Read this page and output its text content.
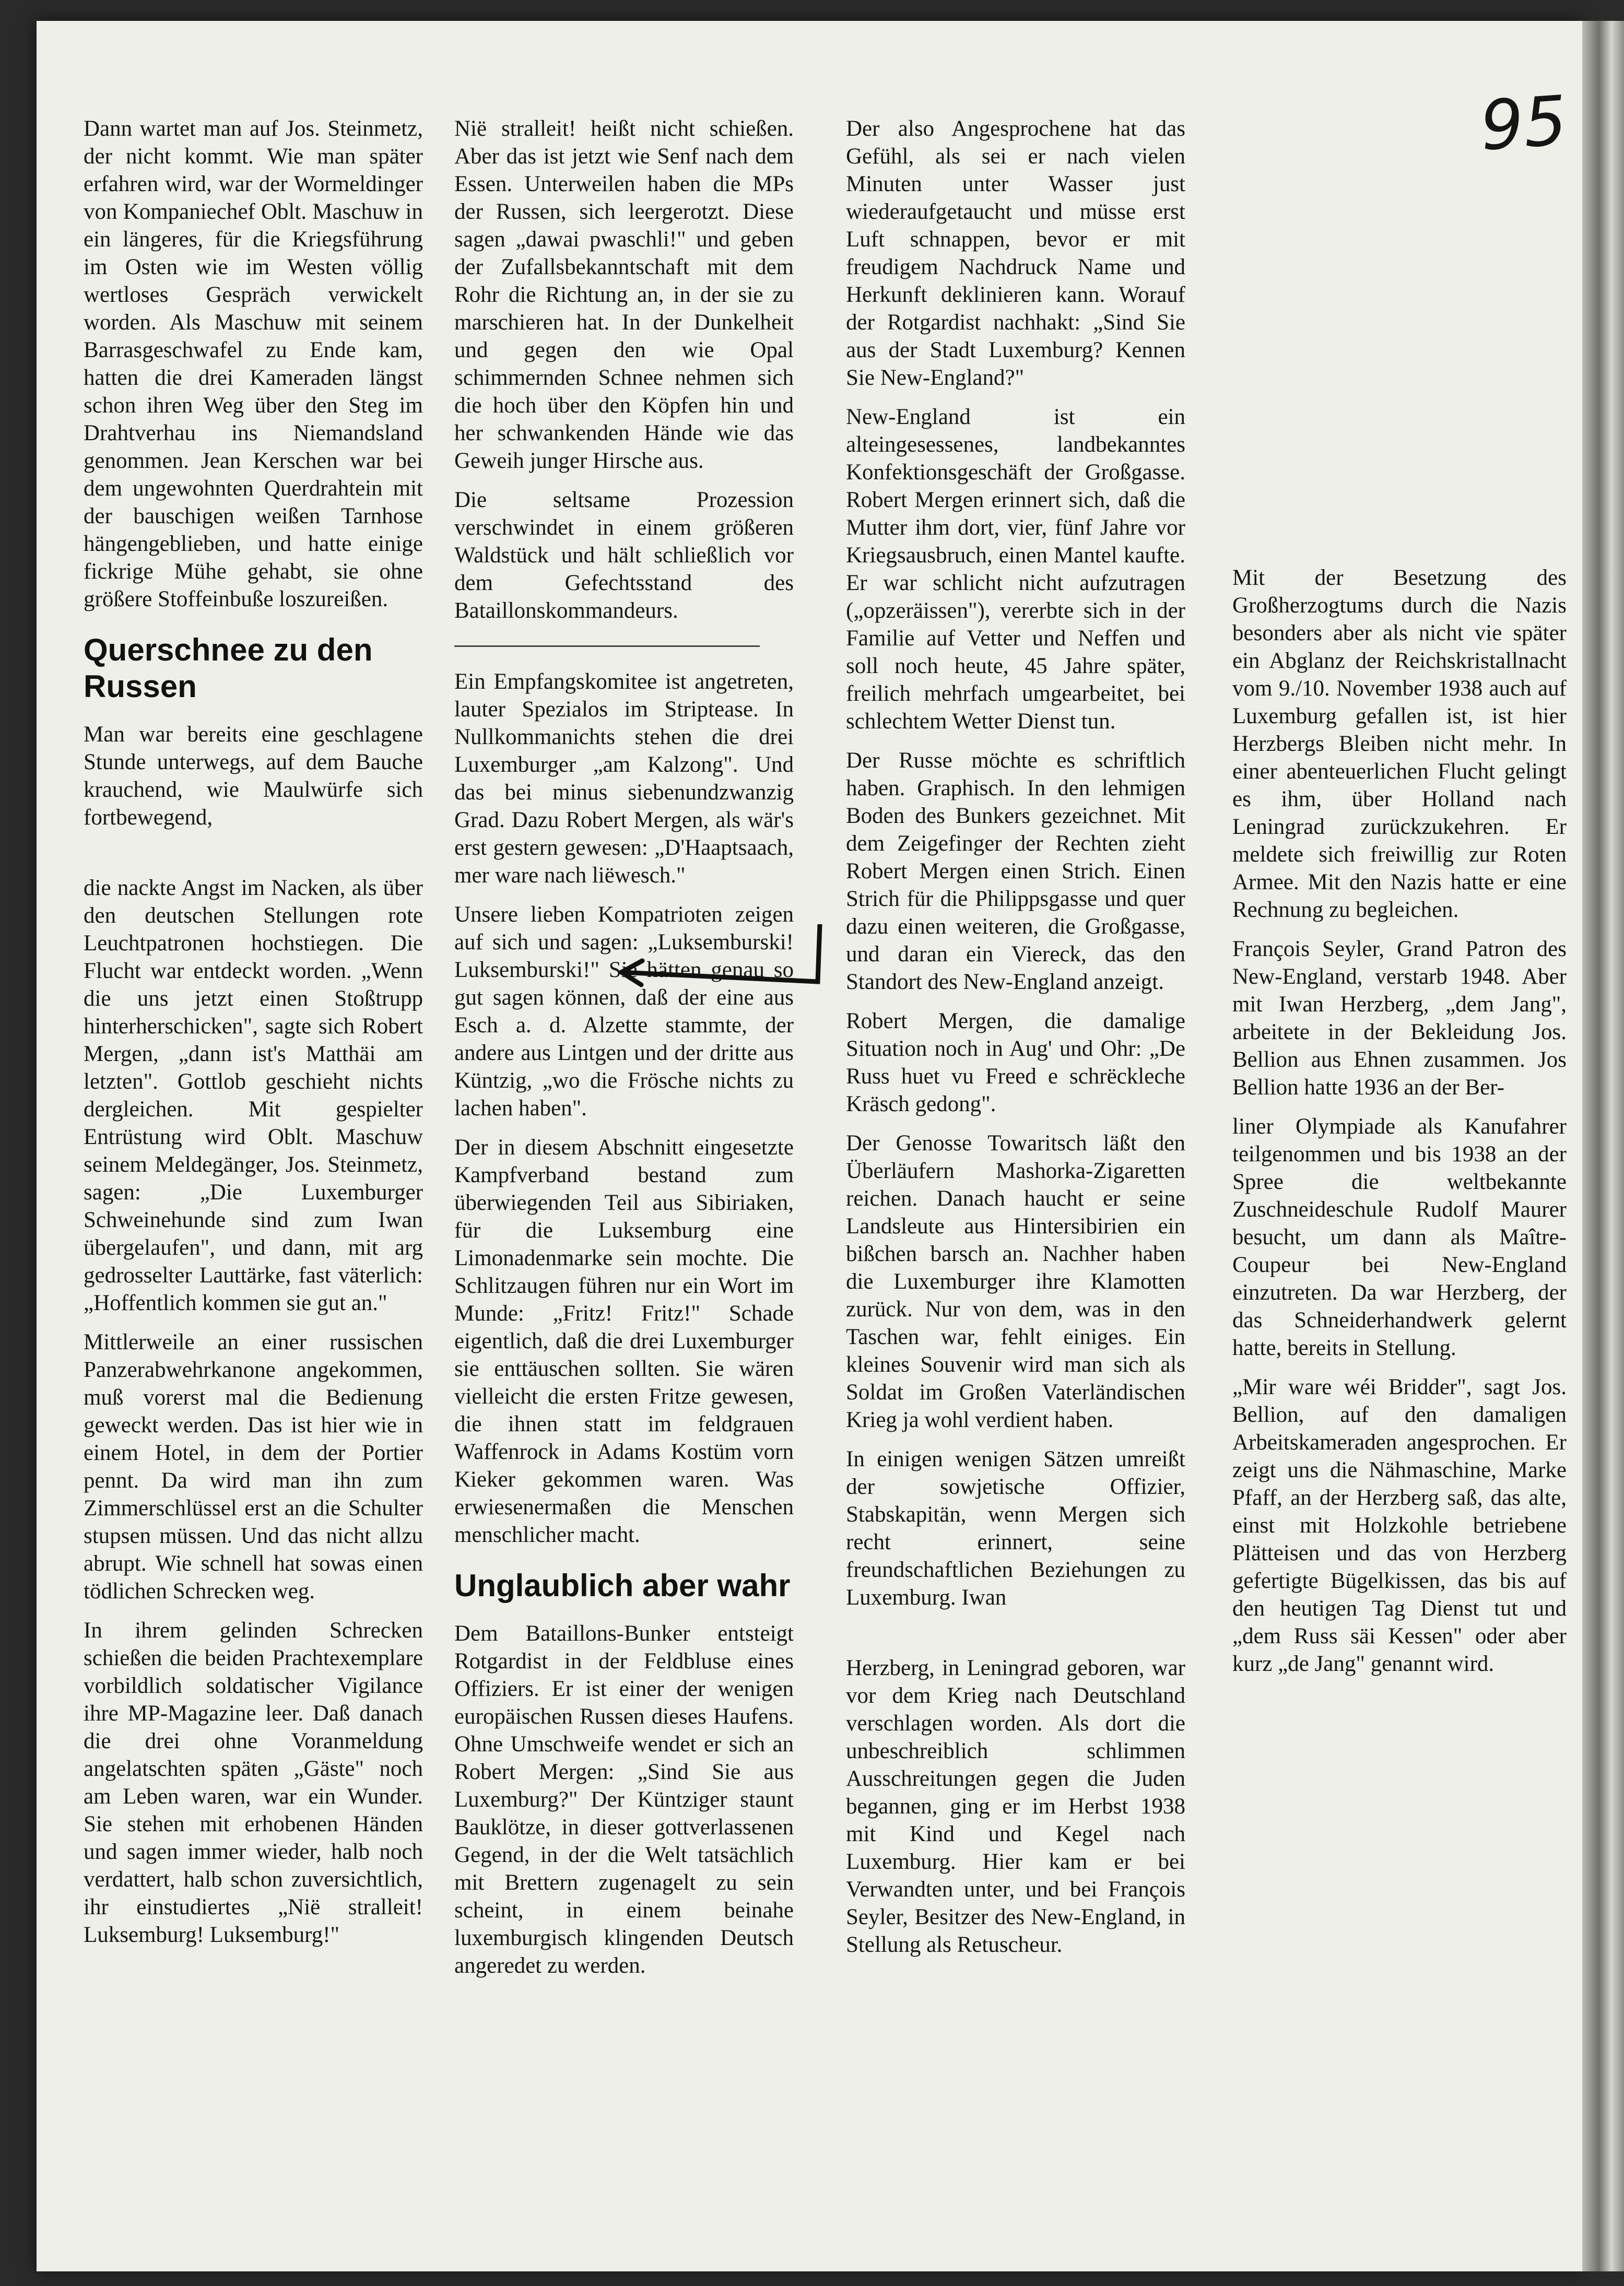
95

Dann wartet man auf Jos. Steinmetz, der nicht kommt. Wie man später erfahren wird, war der Wormeldinger von Kompaniechef Oblt. Maschuw in ein längeres, für die Kriegsführung im Osten wie im Westen völlig wertloses Gespräch verwickelt worden. Als Maschuw mit seinem Barrasgeschwafel zu Ende kam, hatten die drei Kameraden längst schon ihren Weg über den Steg im Drahtverhau ins Niemandsland genommen. Jean Kerschen war bei dem ungewohnten Querdrahtein mit der bauschigen weißen Tarnhose hängengeblieben, und hatte einige fickrige Mühe gehabt, sie ohne größere Stoffeinbuße loszureißen.

Querschnee zu den Russen

Man war bereits eine geschlagene Stunde unterwegs, auf dem Bauche krauchend, wie Maulwürfe sich fortbewegend,

die nackte Angst im Nacken, als über den deutschen Stellungen rote Leuchtpatronen hochstiegen. Die Flucht war entdeckt worden. „Wenn die uns jetzt einen Stoßtrupp hinterherschicken", sagte sich Robert Mergen, „dann ist's Matthäi am letzten". Gottlob geschieht nichts dergleichen. Mit gespielter Entrüstung wird Oblt. Maschuw seinem Meldegänger, Jos. Steinmetz, sagen: „Die Luxemburger Schweinehunde sind zum Iwan übergelaufen", und dann, mit arg gedrosselter Lauttärke, fast väterlich: „Hoffentlich kommen sie gut an."

Mittlerweile an einer russischen Panzerabwehrkanone angekommen, muß vorerst mal die Bedienung geweckt werden. Das ist hier wie in einem Hotel, in dem der Portier pennt. Da wird man ihn zum Zimmerschlüssel erst an die Schulter stupsen müssen. Und das nicht allzu abrupt. Wie schnell hat sowas einen tödlichen Schrecken weg.

In ihrem gelinden Schrecken schießen die beiden Prachtexemplare vorbildlich soldatischer Vigilance ihre MP-Magazine leer. Daß danach die drei ohne Voranmeldung angelatschten späten „Gäste" noch am Leben waren, war ein Wunder. Sie stehen mit erhobenen Händen und sagen immer wieder, halb noch verdattert, halb schon zuversichtlich, ihr einstudiertes „Nië stralleit! Luksemburg! Luksemburg!"

Nië stralleit! heißt nicht schießen. Aber das ist jetzt wie Senf nach dem Essen. Unterweilen haben die MPs der Russen, sich leergerotzt. Diese sagen „dawai pwaschli!" und geben der Zufallsbekanntschaft mit dem Rohr die Richtung an, in der sie zu marschieren hat. In der Dunkelheit und gegen den wie Opal schimmernden Schnee nehmen sich die hoch über den Köpfen hin und her schwankenden Hände wie das Geweih junger Hirsche aus.

Die seltsame Prozession verschwindet in einem größeren Waldstück und hält schließlich vor dem Gefechtsstand des Bataillonskommandeurs.

Ein Empfangskomitee ist angetreten, lauter Spezialos im Striptease. In Nullkommanichts stehen die drei Luxemburger „am Kalzong". Und das bei minus siebenundzwanzig Grad. Dazu Robert Mergen, als wär's erst gestern gewesen: „D'Haaptsaach, mer ware nach liëwesch."

Unsere lieben Kompatrioten zeigen auf sich und sagen: „Luksemburski! Luksemburski!" Sie hätten genau so gut sagen können, daß der eine aus Esch a. d. Alzette stammte, der andere aus Lintgen und der dritte aus Küntzig, „wo die Frösche nichts zu lachen haben".

Der in diesem Abschnitt eingesetzte Kampfverband bestand zum überwiegenden Teil aus Sibiriaken, für die Luksemburg eine Limonadenmarke sein mochte. Die Schlitzaugen führen nur ein Wort im Munde: „Fritz! Fritz!" Schade eigentlich, daß die drei Luxemburger sie enttäuschen sollten. Sie wären vielleicht die ersten Fritze gewesen, die ihnen statt im feldgrauen Waffenrock in Adams Kostüm vorn Kieker gekommen waren. Was erwiesenermaßen die Menschen menschlicher macht.

Unglaublich aber wahr

Dem Bataillons-Bunker entsteigt Rotgardist in der Feldbluse eines Offiziers. Er ist einer der wenigen europäischen Russen dieses Haufens. Ohne Umschweife wendet er sich an Robert Mergen: „Sind Sie aus Luxemburg?" Der Küntziger staunt Bauklötze, in dieser gottverlassenen Gegend, in der die Welt tatsächlich mit Brettern zugenagelt zu sein scheint, in einem beinahe luxemburgisch klingenden Deutsch angeredet zu werden.

Der also Angesprochene hat das Gefühl, als sei er nach vielen Minuten unter Wasser just wiederaufgetaucht und müsse erst Luft schnappen, bevor er mit freudigem Nachdruck Name und Herkunft deklinieren kann. Worauf der Rotgardist nachhakt: „Sind Sie aus der Stadt Luxemburg? Kennen Sie New-England?"

New-England ist ein alteingesessenes, landbekanntes Konfektionsgeschäft der Großgasse. Robert Mergen erinnert sich, daß die Mutter ihm dort, vier, fünf Jahre vor Kriegsausbruch, einen Mantel kaufte. Er war schlicht nicht aufzutragen („opzeräissen"), vererbte sich in der Familie auf Vetter und Neffen und soll noch heute, 45 Jahre später, freilich mehrfach umgearbeitet, bei schlechtem Wetter Dienst tun.

Der Russe möchte es schriftlich haben. Graphisch. In den lehmigen Boden des Bunkers gezeichnet. Mit dem Zeigefinger der Rechten zieht Robert Mergen einen Strich. Einen Strich für die Philippsgasse und quer dazu einen weiteren, die Großgasse, und daran ein Viereck, das den Standort des New-England anzeigt.

Robert Mergen, die damalige Situation noch in Aug' und Ohr: „De Russ huet vu Freed e schrëckleche Kräsch gedong".

Der Genosse Towaritsch läßt den Überläufern Mashorka-Zigaretten reichen. Danach haucht er seine Landsleute aus Hintersibirien ein bißchen barsch an. Nachher haben die Luxemburger ihre Klamotten zurück. Nur von dem, was in den Taschen war, fehlt einiges. Ein kleines Souvenir wird man sich als Soldat im Großen Vaterländischen Krieg ja wohl verdient haben.

In einigen wenigen Sätzen umreißt der sowjetische Offizier, Stabskapitän, wenn Mergen sich recht erinnert, seine freundschaftlichen Beziehungen zu Luxemburg. Iwan

Herzberg, in Leningrad geboren, war vor dem Krieg nach Deutschland verschlagen worden. Als dort die unbeschreiblich schlimmen Ausschreitungen gegen die Juden begannen, ging er im Herbst 1938 mit Kind und Kegel nach Luxemburg. Hier kam er bei Verwandten unter, und bei François Seyler, Besitzer des New-England, in Stellung als Retuscheur.

Mit der Besetzung des Großherzogtums durch die Nazis besonders aber als nicht vie später ein Abglanz der Reichskristallnacht vom 9./10. November 1938 auch auf Luxemburg gefallen ist, ist hier Herzbergs Bleiben nicht mehr. In einer abenteuerlichen Flucht gelingt es ihm, über Holland nach Leningrad zurückzukehren. Er meldete sich freiwillig zur Roten Armee. Mit den Nazis hatte er eine Rechnung zu begleichen.

François Seyler, Grand Patron des New-England, verstarb 1948. Aber mit Iwan Herzberg, „dem Jang", arbeitete in der Bekleidung Jos. Bellion aus Ehnen zusammen. Jos Bellion hatte 1936 an der Ber-

liner Olympiade als Kanufahrer teilgenommen und bis 1938 an der Spree die weltbekannte Zuschneideschule Rudolf Maurer besucht, um dann als Maître-Coupeur bei New-England einzutreten. Da war Herzberg, der das Schneiderhandwerk gelernt hatte, bereits in Stellung.

„Mir ware wéi Bridder", sagt Jos. Bellion, auf den damaligen Arbeitskameraden angesprochen. Er zeigt uns die Nähmaschine, Marke Pfaff, an der Herzberg saß, das alte, einst mit Holzkohle betriebene Plätteisen und das von Herzberg gefertigte Bügelkissen, das bis auf den heutigen Tag Dienst tut und „dem Russ säi Kessen" oder aber kurz „de Jang" genannt wird.
